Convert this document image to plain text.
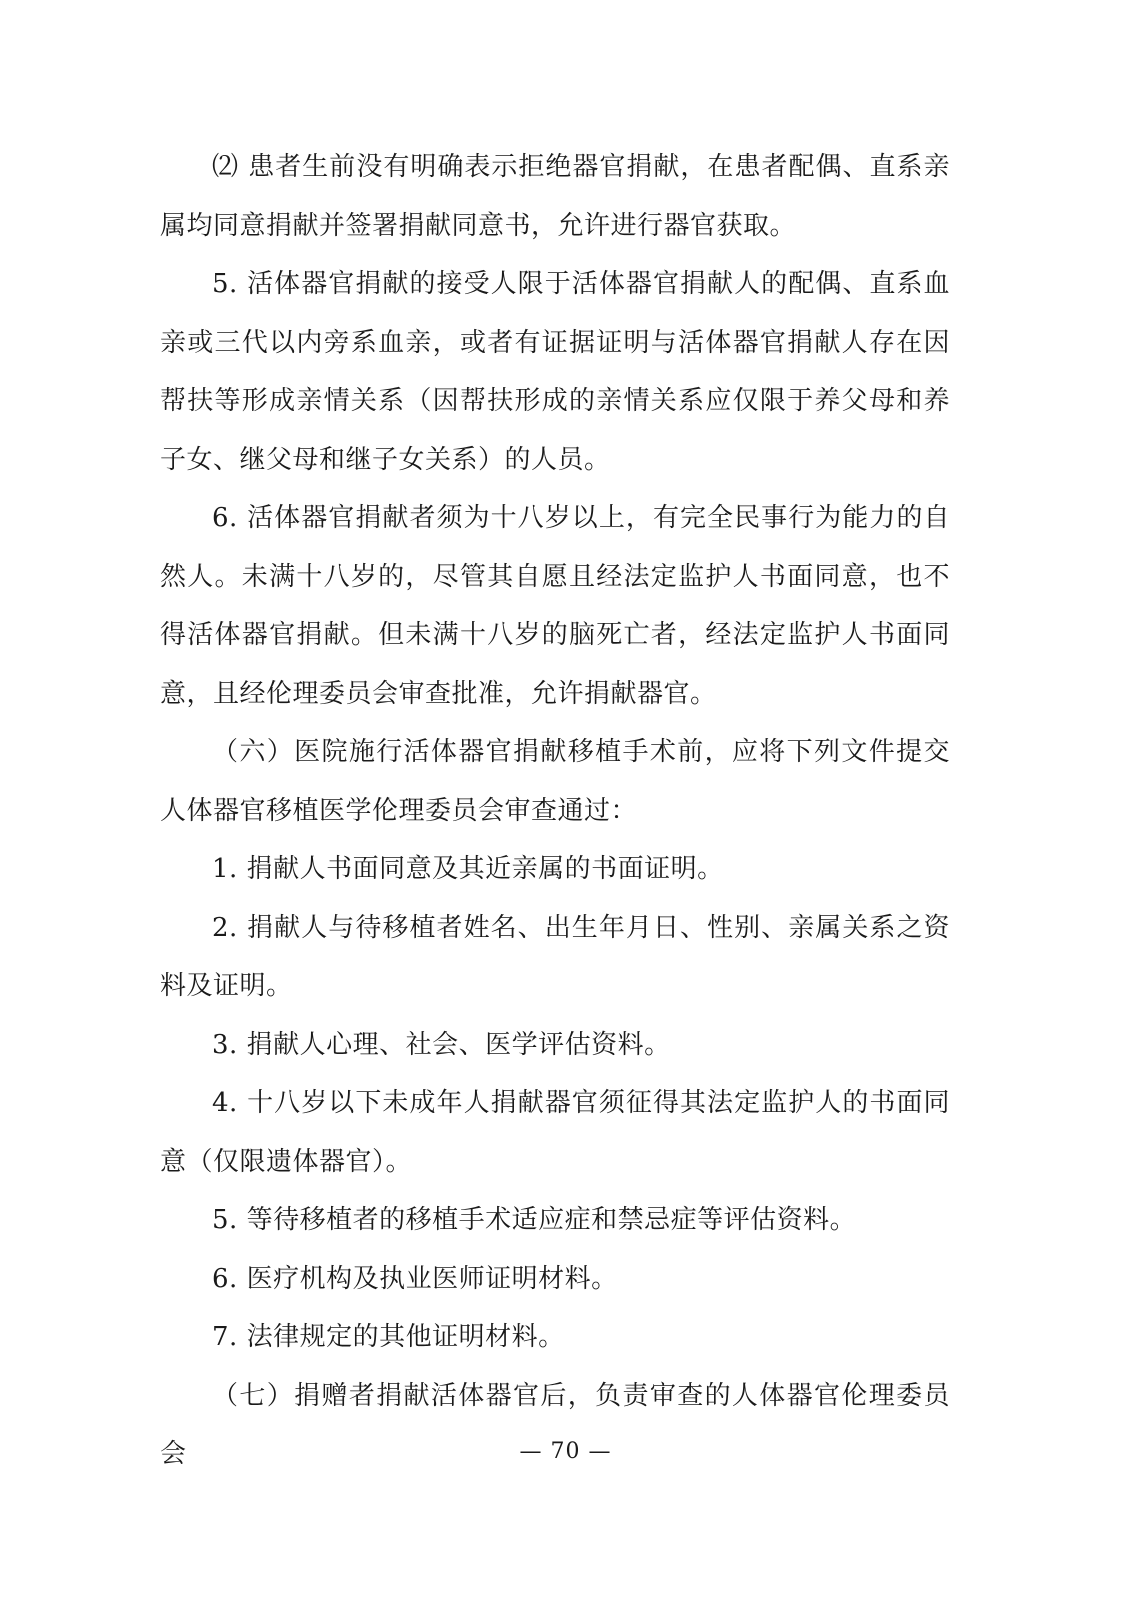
⑵ 患者生前没有明确表示拒绝器官捐献，在患者配偶、直系亲属均同意捐献并签署捐献同意书，允许进行器官获取。

5. 活体器官捐献的接受人限于活体器官捐献人的配偶、直系血亲或三代以内旁系血亲，或者有证据证明与活体器官捐献人存在因帮扶等形成亲情关系（因帮扶形成的亲情关系应仅限于养父母和养子女、继父母和继子女关系）的人员。

6. 活体器官捐献者须为十八岁以上，有完全民事行为能力的自然人。未满十八岁的，尽管其自愿且经法定监护人书面同意，也不得活体器官捐献。但未满十八岁的脑死亡者，经法定监护人书面同意，且经伦理委员会审查批准，允许捐献器官。

（六）医院施行活体器官捐献移植手术前，应将下列文件提交人体器官移植医学伦理委员会审查通过：

1. 捐献人书面同意及其近亲属的书面证明。

2. 捐献人与待移植者姓名、出生年月日、性别、亲属关系之资料及证明。

3. 捐献人心理、社会、医学评估资料。

4. 十八岁以下未成年人捐献器官须征得其法定监护人的书面同意（仅限遗体器官）。

5. 等待移植者的移植手术适应症和禁忌症等评估资料。

6. 医疗机构及执业医师证明材料。

7. 法律规定的其他证明材料。

（七）捐赠者捐献活体器官后，负责审查的人体器官伦理委员会	— 70 —
